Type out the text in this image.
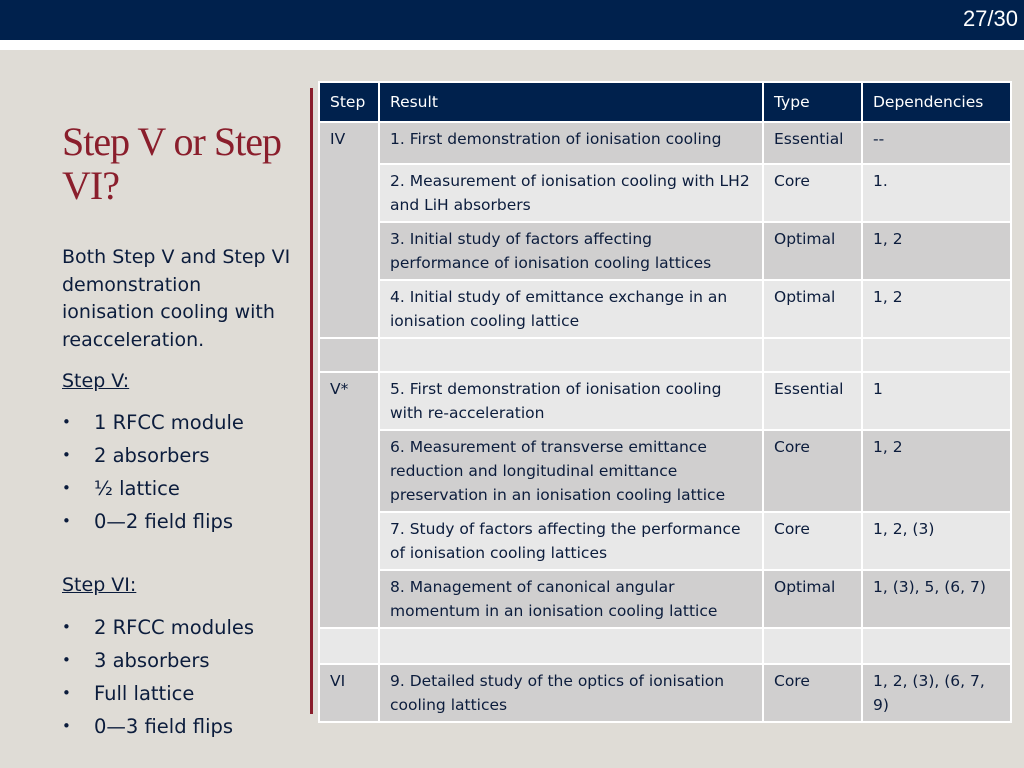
27/30
Step V or Step VI?

Both Step V and Step VI demonstration ionisation cooling with reacceleration.

Step V:
• 1 RFCC module
• 2 absorbers
• ½ lattice
• 0—2 field flips
Step VI:
• 2 RFCC modules
• 3 absorbers
• Full lattice
• 0—3 field flips
Step	Result	Type	Dependencies
IV	1. First demonstration of ionisation cooling	Essential	--
	2. Measurement of ionisation cooling with LH2 and LiH absorbers	Core	1.
	3. Initial study of factors affecting performance of ionisation cooling lattices	Optimal	1, 2
	4. Initial study of emittance exchange in an ionisation cooling lattice	Optimal	1, 2

V*	5. First demonstration of ionisation cooling with re-acceleration	Essential	1
	6. Measurement of transverse emittance reduction and longitudinal emittance preservation in an ionisation cooling lattice	Core	1, 2
	7. Study of factors affecting the performance of ionisation cooling lattices	Core	1, 2, (3)
	8. Management of canonical angular momentum in an ionisation cooling lattice	Optimal	1, (3), 5, (6, 7)

VI	9. Detailed study of the optics of ionisation cooling lattices	Core	1, 2, (3), (6, 7, 9)
